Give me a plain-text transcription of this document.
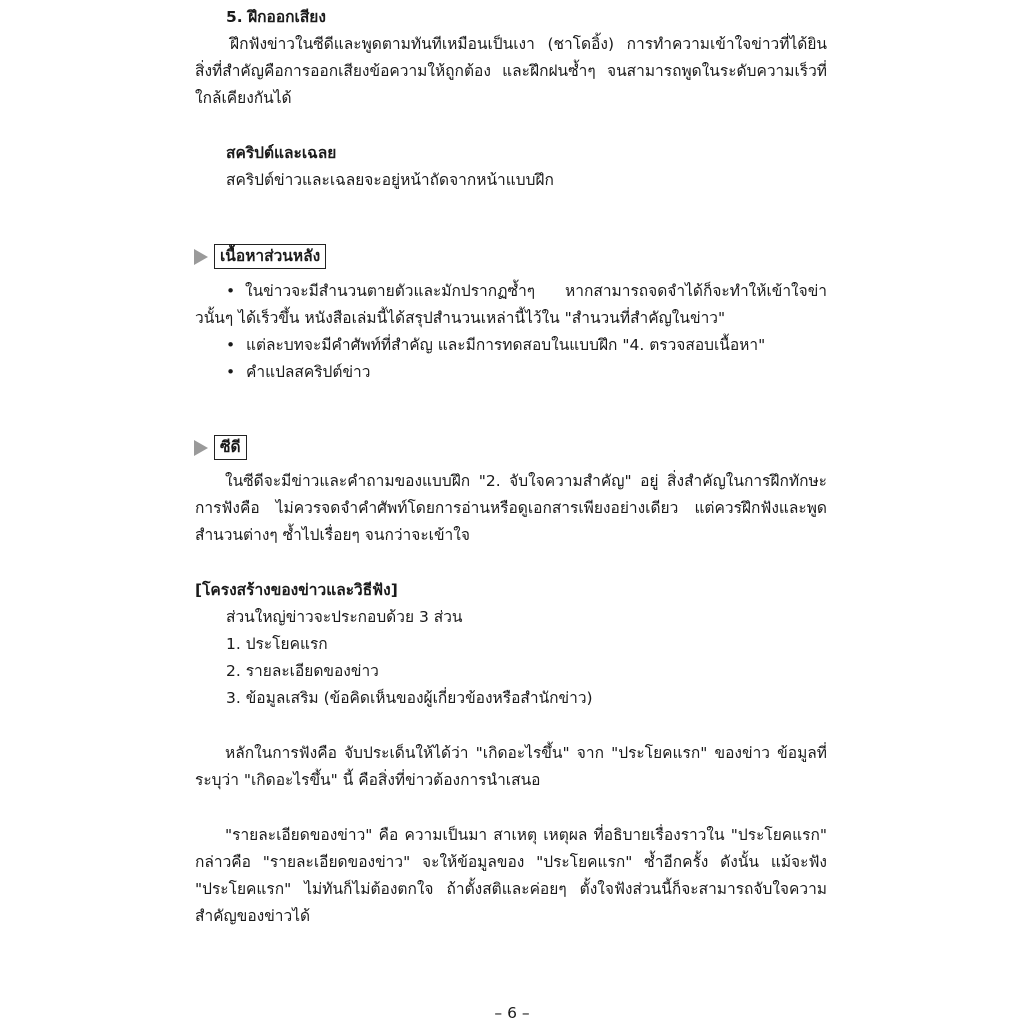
5. ฝึกออกเสียง

ฝึกฟังข่าวในซีดีและพูดตามทันทีเหมือนเป็นเงา (ชาโดอิ้ง) การทำความเข้าใจข่าวที่ได้ยิน สิ่งที่สำคัญคือการออกเสียงข้อความให้ถูกต้อง และฝึกฝนซ้ำๆ จนสามารถพูดในระดับความเร็วที่ใกล้เคียงกันได้

สคริปต์และเฉลย

สคริปต์ข่าวและเฉลยจะอยู่หน้าถัดจากหน้าแบบฝึก

เนื้อหาส่วนหลัง
• ในข่าวจะมีสำนวนตายตัวและมักปรากฏซ้ำๆ หากสามารถจดจำได้ก็จะทำให้เข้าใจข่าวนั้นๆ ได้เร็วขึ้น หนังสือเล่มนี้ได้สรุปสำนวนเหล่านี้ไว้ใน "สำนวนที่สำคัญในข่าว"

• แต่ละบทจะมีคำศัพท์ที่สำคัญ และมีการทดสอบในแบบฝึก "4. ตรวจสอบเนื้อหา"
• คำแปลสคริปต์ข่าว
ซีดี

ในซีดีจะมีข่าวและคำถามของแบบฝึก "2. จับใจความสำคัญ" อยู่ สิ่งสำคัญในการฝึกทักษะการฟังคือ ไม่ควรจดจำคำศัพท์โดยการอ่านหรือดูเอกสารเพียงอย่างเดียว แต่ควรฝึกฟังและพูดสำนวนต่างๆ ซ้ำไปเรื่อยๆ จนกว่าจะเข้าใจ

[โครงสร้างของข่าวและวิธีฟัง]

ส่วนใหญ่ข่าวจะประกอบด้วย 3 ส่วน

1. ประโยคแรก

2. รายละเอียดของข่าว

3. ข้อมูลเสริม (ข้อคิดเห็นของผู้เกี่ยวข้องหรือสำนักข่าว)

หลักในการฟังคือ จับประเด็นให้ได้ว่า "เกิดอะไรขึ้น" จาก "ประโยคแรก" ของข่าว ข้อมูลที่ระบุว่า "เกิดอะไรขึ้น" นี้ คือสิ่งที่ข่าวต้องการนำเสนอ

"รายละเอียดของข่าว" คือ ความเป็นมา สาเหตุ เหตุผล ที่อธิบายเรื่องราวใน "ประโยคแรก" กล่าวคือ "รายละเอียดของข่าว" จะให้ข้อมูลของ "ประโยคแรก" ซ้ำอีกครั้ง ดังนั้น แม้จะฟัง "ประโยคแรก" ไม่ทันก็ไม่ต้องตกใจ ถ้าตั้งสติและค่อยๆ ตั้งใจฟังส่วนนี้ก็จะสามารถจับใจความสำคัญของข่าวได้

– 6 –
